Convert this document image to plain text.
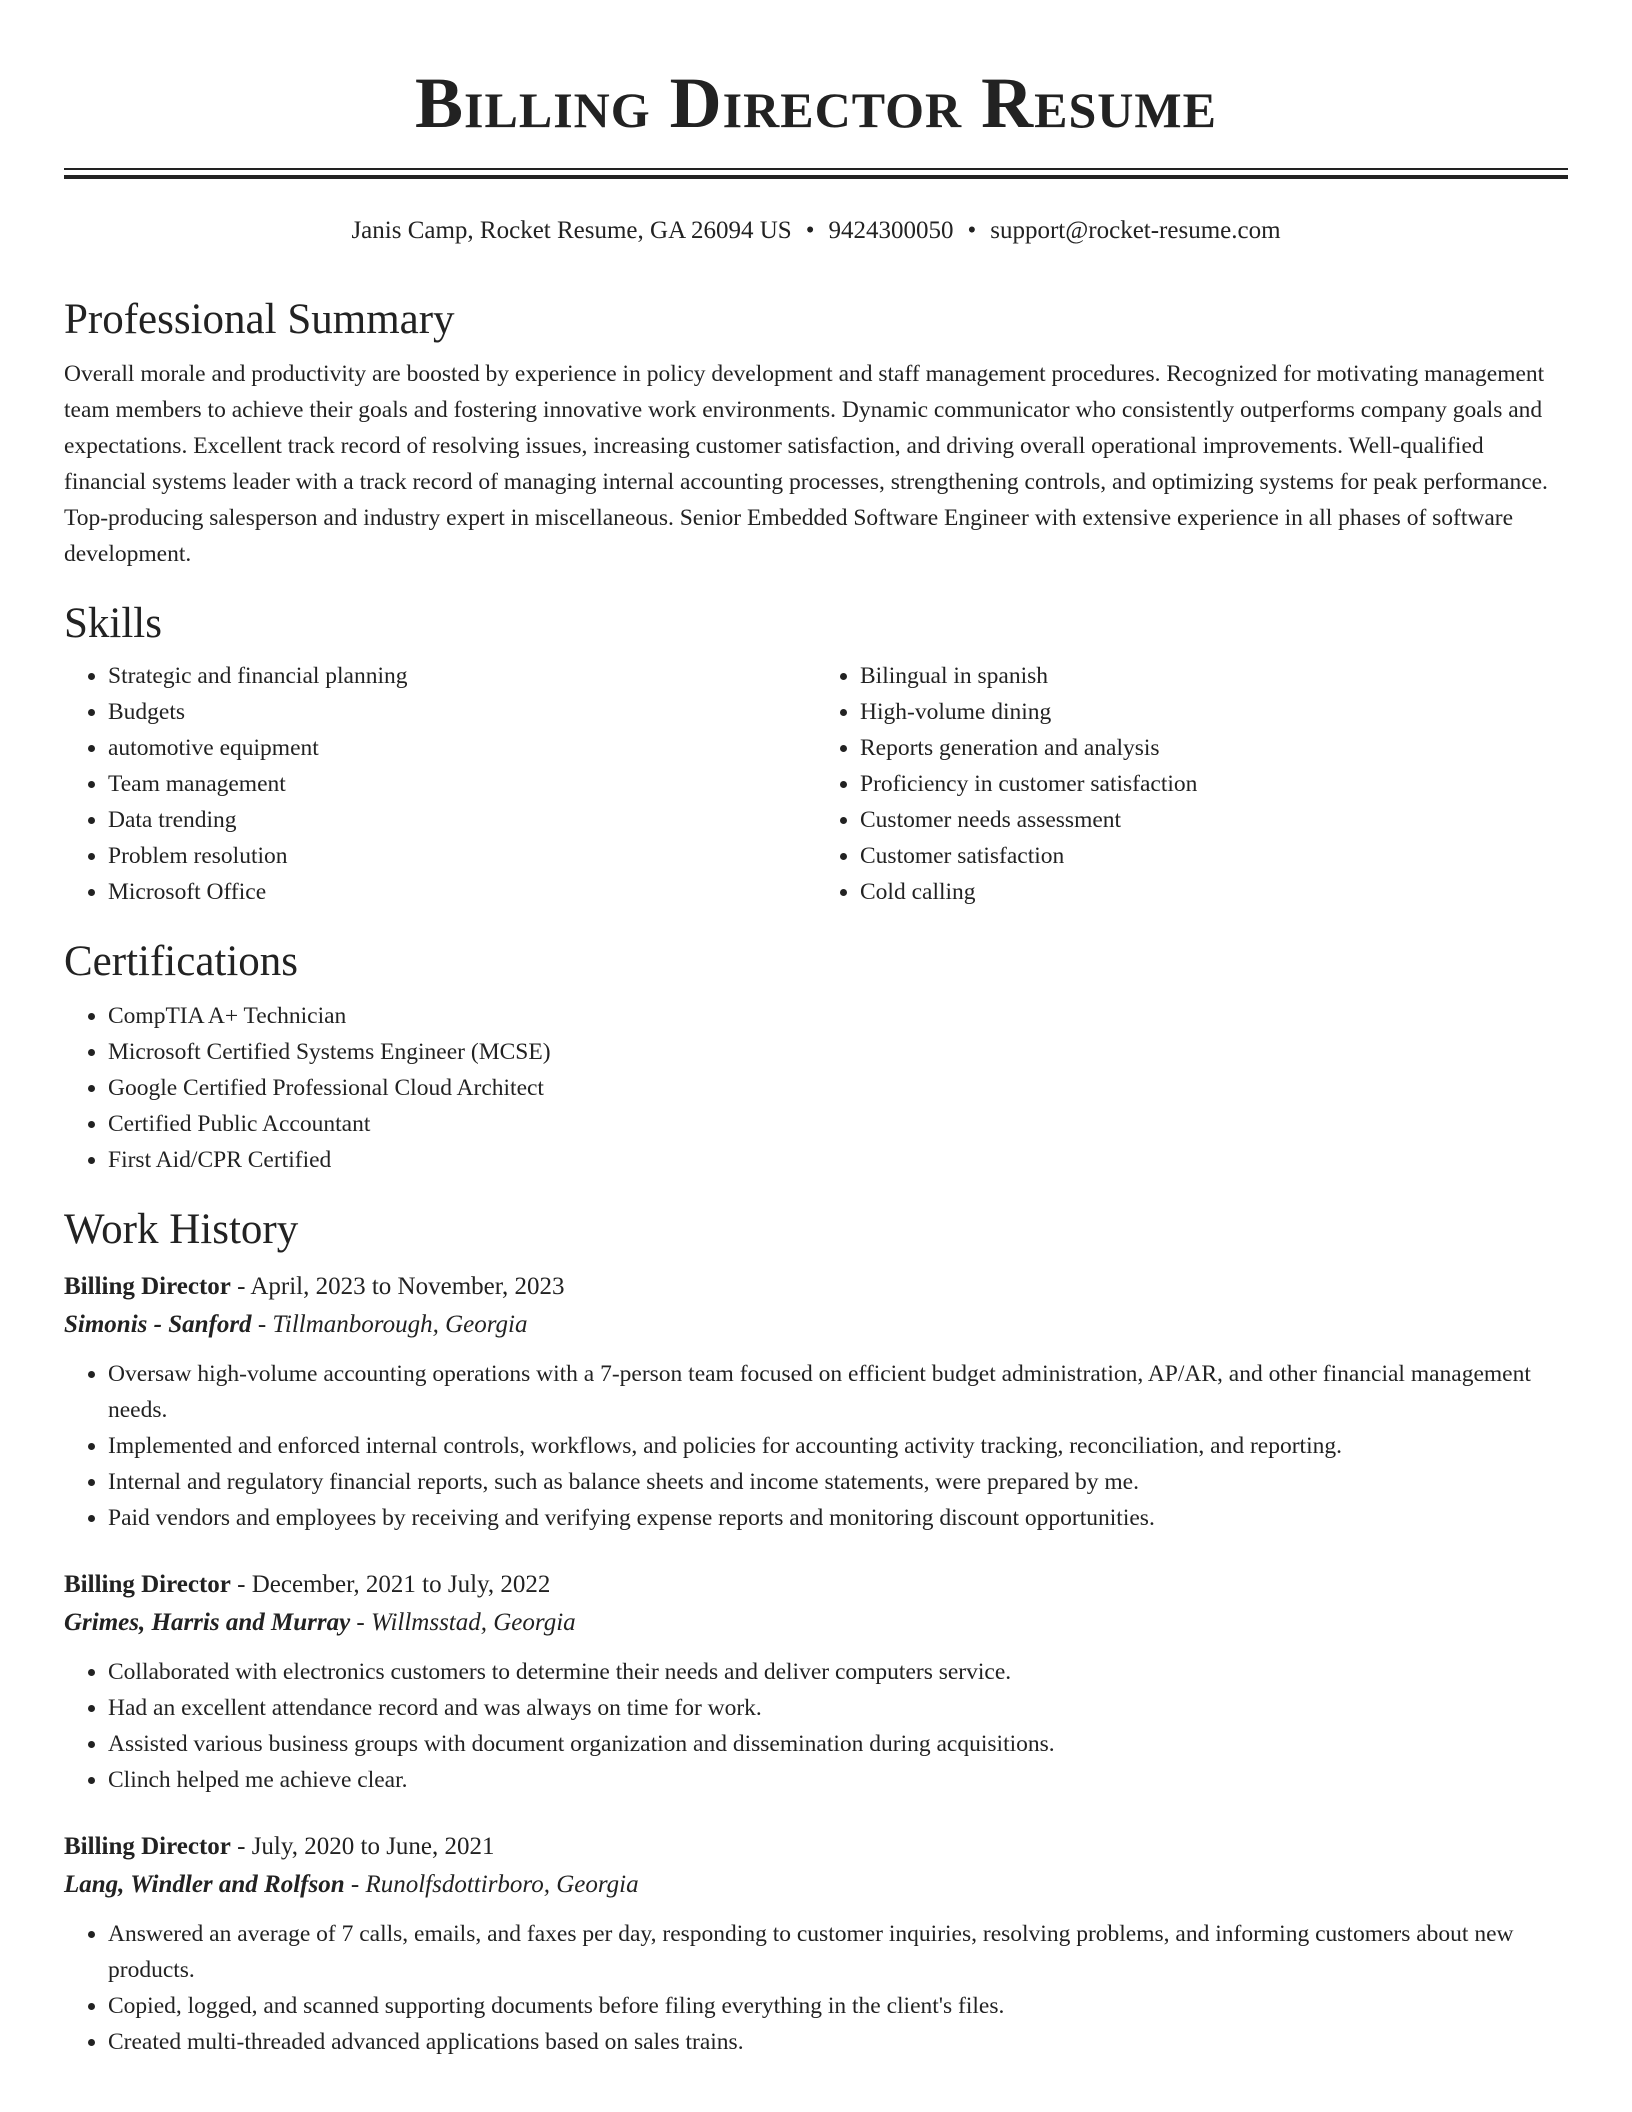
Billing Director Resume
Janis Camp, Rocket Resume, GA 26094 US • 9424300050 • support@rocket-resume.com
Professional Summary

Overall morale and productivity are boosted by experience in policy development and staff management procedures. Recognized for motivating management team members to achieve their goals and fostering innovative work environments. Dynamic communicator who consistently outperforms company goals and expectations. Excellent track record of resolving issues, increasing customer satisfaction, and driving overall operational improvements. Well-qualified financial systems leader with a track record of managing internal accounting processes, strengthening controls, and optimizing systems for peak performance. Top-producing salesperson and industry expert in miscellaneous. Senior Embedded Software Engineer with extensive experience in all phases of software development.

Skills
• Strategic and financial planning
• Budgets
• automotive equipment
• Team management
• Data trending
• Problem resolution
• Microsoft Office
• Bilingual in spanish
• High-volume dining
• Reports generation and analysis
• Proficiency in customer satisfaction
• Customer needs assessment
• Customer satisfaction
• Cold calling
Certifications
• CompTIA A+ Technician
• Microsoft Certified Systems Engineer (MCSE)
• Google Certified Professional Cloud Architect
• Certified Public Accountant
• First Aid/CPR Certified
Work History
Billing Director - April, 2023 to November, 2023
Simonis - Sanford - Tillmanborough, Georgia
• Oversaw high-volume accounting operations with a 7-person team focused on efficient budget administration, AP/AR, and other financial management needs.
• Implemented and enforced internal controls, workflows, and policies for accounting activity tracking, reconciliation, and reporting.
• Internal and regulatory financial reports, such as balance sheets and income statements, were prepared by me.
• Paid vendors and employees by receiving and verifying expense reports and monitoring discount opportunities.
Billing Director - December, 2021 to July, 2022
Grimes, Harris and Murray - Willmsstad, Georgia
• Collaborated with electronics customers to determine their needs and deliver computers service.
• Had an excellent attendance record and was always on time for work.
• Assisted various business groups with document organization and dissemination during acquisitions.
• Clinch helped me achieve clear.
Billing Director - July, 2020 to June, 2021
Lang, Windler and Rolfson - Runolfsdottirboro, Georgia
• Answered an average of 7 calls, emails, and faxes per day, responding to customer inquiries, resolving problems, and informing customers about new products.
• Copied, logged, and scanned supporting documents before filing everything in the client's files.
• Created multi-threaded advanced applications based on sales trains.
